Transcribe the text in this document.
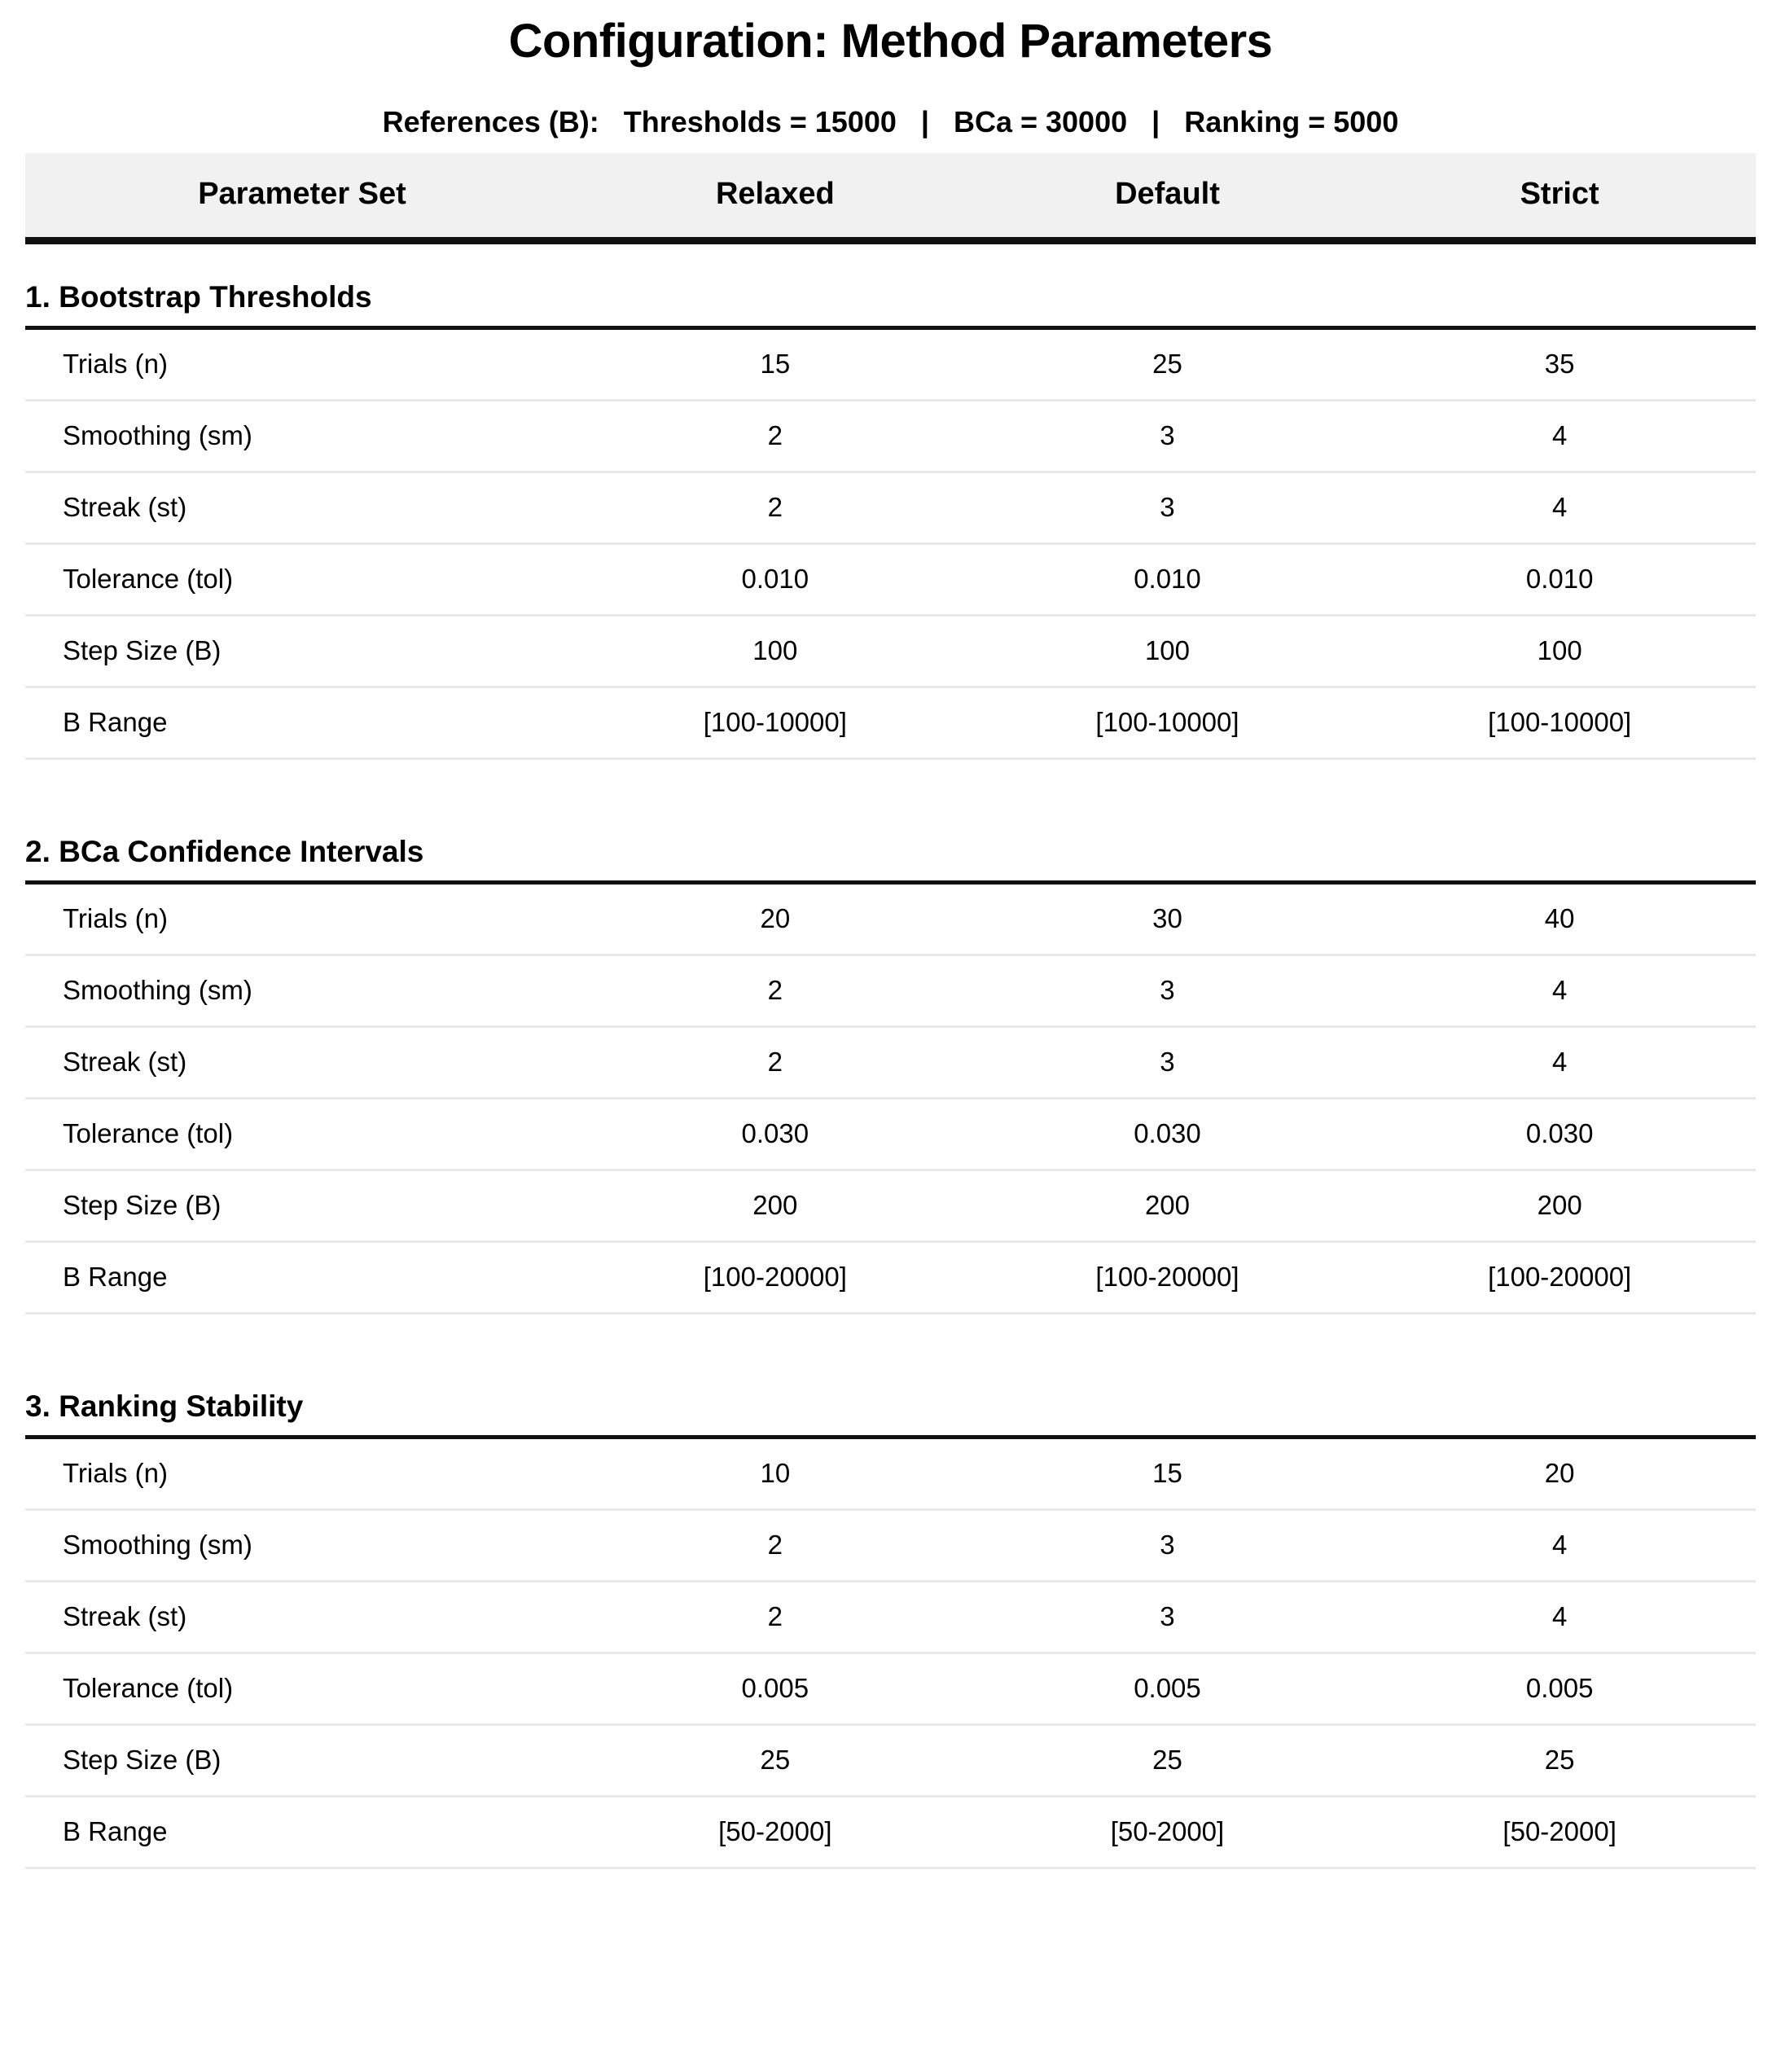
Configuration: Method Parameters
References (B):   Thresholds = 15000   |   BCa = 30000   |   Ranking = 5000
Parameter Set	Relaxed	Default	Strict

1. Bootstrap Thresholds			
Trials (n)	15	25	35
Smoothing (sm)	2	3	4
Streak (st)	2	3	4
Tolerance (tol)	0.010	0.010	0.010
Step Size (B)	100	100	100
B Range	[100-10000]	[100-10000]	[100-10000]

2. BCa Confidence Intervals			
Trials (n)	20	30	40
Smoothing (sm)	2	3	4
Streak (st)	2	3	4
Tolerance (tol)	0.030	0.030	0.030
Step Size (B)	200	200	200
B Range	[100-20000]	[100-20000]	[100-20000]

3. Ranking Stability			
Trials (n)	10	15	20
Smoothing (sm)	2	3	4
Streak (st)	2	3	4
Tolerance (tol)	0.005	0.005	0.005
Step Size (B)	25	25	25
B Range	[50-2000]	[50-2000]	[50-2000]
